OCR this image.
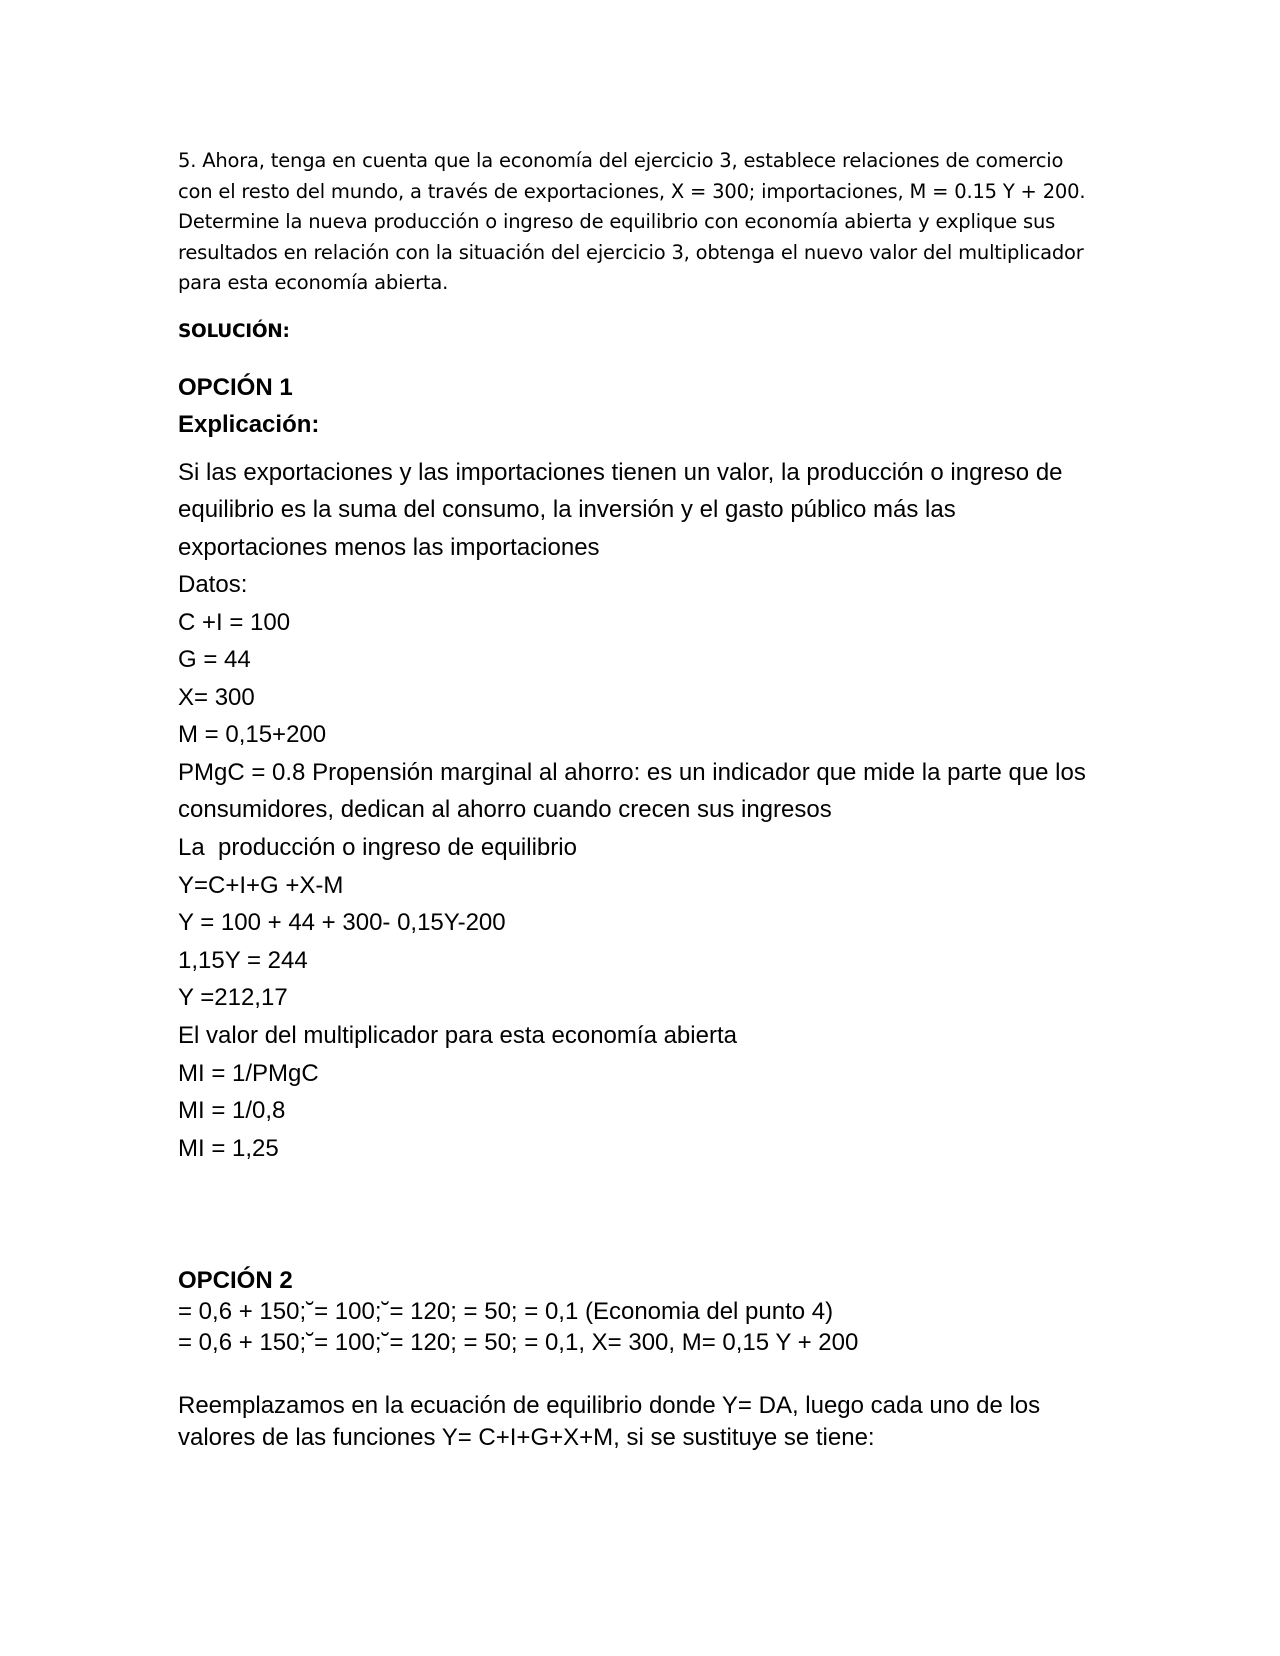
5. Ahora, tenga en cuenta que la economía del ejercicio 3, establece relaciones de comercio con el resto del mundo, a través de exportaciones, X = 300; importaciones, M = 0.15 Y + 200. Determine la nueva producción o ingreso de equilibrio con economía abierta y explique sus resultados en relación con la situación del ejercicio 3, obtenga el nuevo valor del multiplicador para esta economía abierta.

SOLUCIÓN:

OPCIÓN 1

Explicación:

Si las exportaciones y las importaciones tienen un valor, la producción o ingreso de equilibrio es la suma del consumo, la inversión y el gasto público más las exportaciones menos las importaciones

Datos:

C +I = 100

G = 44

X= 300

M = 0,15+200

PMgC = 0.8 Propensión marginal al ahorro: es un indicador que mide la parte que los consumidores, dedican al ahorro cuando crecen sus ingresos

La  producción o ingreso de equilibrio

Y=C+I+G +X-M

Y = 100 + 44 + 300- 0,15Y-200

1,15Y = 244

Y =212,17

El valor del multiplicador para esta economía abierta

MI = 1/PMgC

MI = 1/0,8

MI = 1,25

OPCIÓN 2

= 0,6 + 150;˘= 100;˘= 120; = 50; = 0,1 (Economia del punto 4)

= 0,6 + 150;˘= 100;˘= 120; = 50; = 0,1, X= 300, M= 0,15 Y + 200

Reemplazamos en la ecuación de equilibrio donde Y= DA, luego cada uno de los valores de las funciones Y= C+I+G+X+M, si se sustituye se tiene:
